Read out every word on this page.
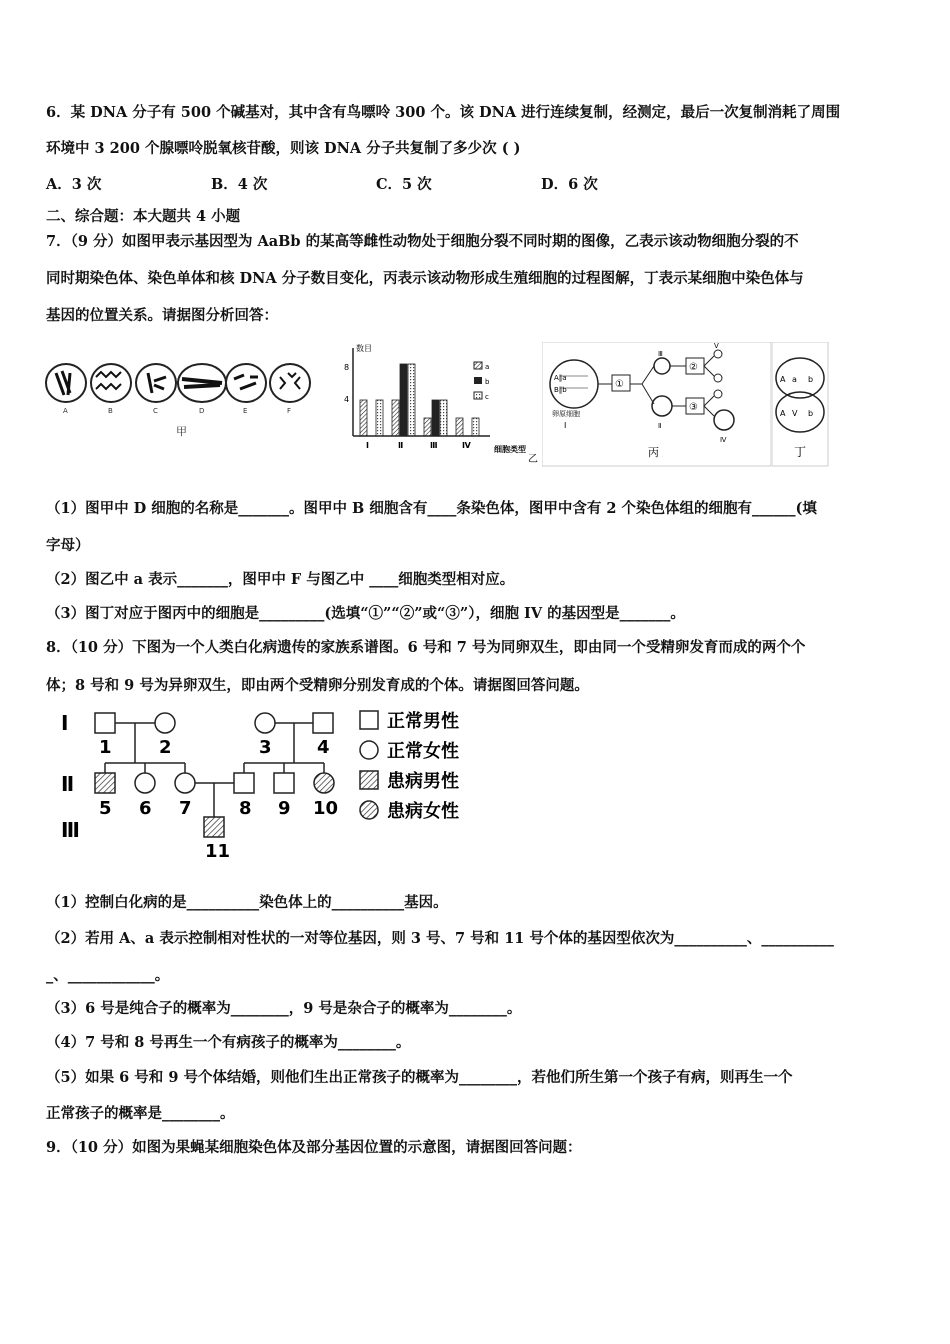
6．某 DNA 分子有 500 个碱基对，其中含有鸟嘌呤 300 个。该 DNA 进行连续复制，经测定，最后一次复制消耗了周围
环境中 3 200 个腺嘌呤脱氧核苷酸，则该 DNA 分子共复制了多少次 ( )
A．3 次	B．4 次	C．5 次	D．6 次
二、综合题：本大题共 4 小题
7．（9 分）如图甲表示基因型为 AaBb 的某高等雌性动物处于细胞分裂不同时期的图像，乙表示该动物细胞分裂的不
同时期染色体、染色单体和核 DNA 分子数目变化，丙表示该动物形成生殖细胞的过程图解，丁表示某细胞中染色体与
基因的位置关系。请据图分析回答：
A	B	C	D	E	F
甲
数目
8
4
Ⅰ	Ⅱ	Ⅲ	Ⅳ
a
b
c
细胞类型
乙
A‖a
B‖b
卵原细胞
Ⅰ
①
Ⅲ
Ⅱ
②
③
Ⅴ
Ⅳ
丙
A a b
A V b
丁
（1）图甲中 D 细胞的名称是_______。图甲中 B 细胞含有____条染色体，图甲中含有 2 个染色体组的细胞有______(填
字母）
（2）图乙中 a 表示_______，图甲中 F 与图乙中 ____细胞类型相对应。
（3）图丁对应于图丙中的细胞是_________(选填“①”“②”或“③”），细胞 IV 的基因型是_______。
8．（10 分）下图为一个人类白化病遗传的家族系谱图。6 号和 7 号为同卵双生，即由同一个受精卵发育而成的两个个
体；8 号和 9 号为异卵双生，即由两个受精卵分别发育成的个体。请据图回答问题。
Ⅰ
Ⅱ
Ⅲ
1	2	3	4
5 6 7	8 9 10
11
正常男性
正常女性
患病男性
患病女性
（1）控制白化病的是__________染色体上的__________基因。
（2）若用 A、a 表示控制相对性状的一对等位基因，则 3 号、7 号和 11 号个体的基因型依次为__________、__________
_、____________。
（3）6 号是纯合子的概率为________，9 号是杂合子的概率为________。
（4）7 号和 8 号再生一个有病孩子的概率为________。
（5）如果 6 号和 9 号个体结婚，则他们生出正常孩子的概率为________，若他们所生第一个孩子有病，则再生一个
正常孩子的概率是________。
9．（10 分）如图为果蝇某细胞染色体及部分基因位置的示意图，请据图回答问题：
